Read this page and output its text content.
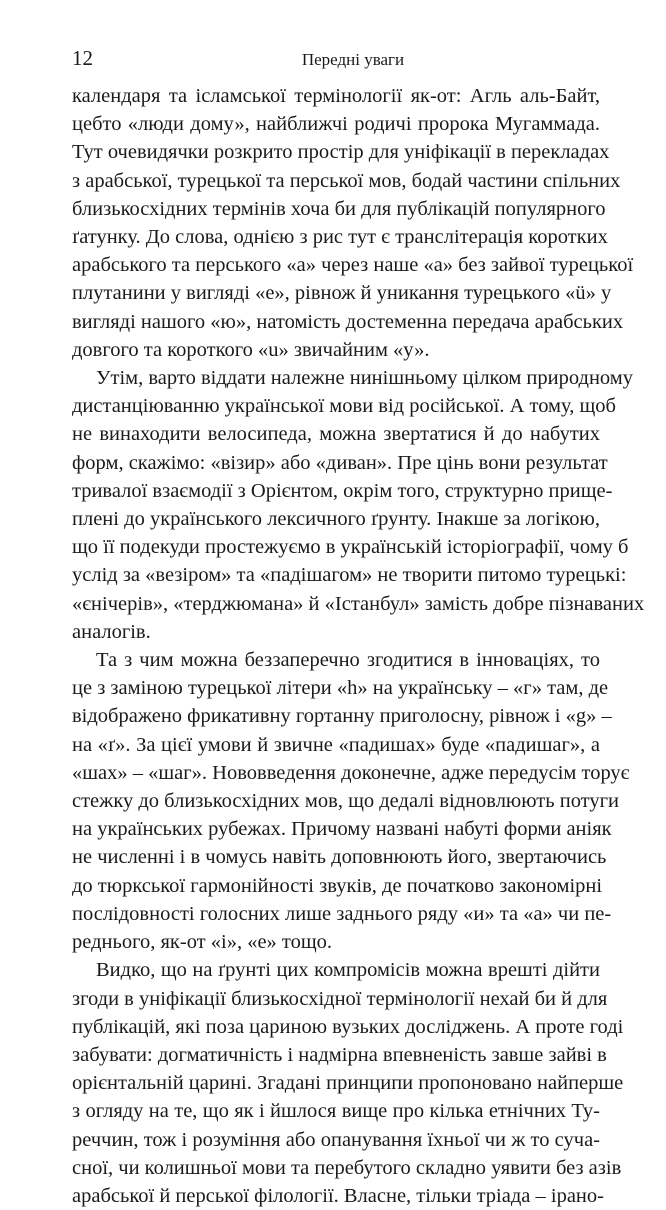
12	Передні уваги
календаря та ісламської термінології як-от: Агль аль-Байт,
цебто «люди дому», найближчі родичі пророка Мугаммада.
Тут очевидячки розкрито простір для уніфікації в перекладах
з арабської, турецької та перської мов, бодай частини спільних
близькосхідних термінів хоча би для публікацій популярного
ґатунку. До слова, однією з рис тут є транслітерація коротких
арабського та перського «a» через наше «а» без зайвої турецької
плутанини у вигляді «е», рівнож й уникання турецького «ü» у
вигляді нашого «ю», натомість достеменна передача арабських
довгого та короткого «u» звичайним «у».
Утім, варто віддати належне нинішньому цілком природному
дистанціюванню української мови від російської. А тому, щоб
не винаходити велосипеда, можна звертатися й до набутих
форм, скажімо: «візир» або «диван». Пре цінь вони результат
тривалої взаємодії з Орієнтом, окрім того, структурно прище-
плені до українського лексичного ґрунту. Інакше за логікою,
що її подекуди простежуємо в українській історіографії, чому б
услід за «везіром» та «падішагом» не творити питомо турецькі:
«єнічерів», «терджюмана» й «Істанбул» замість добре пізнаваних
аналогів.
Та з чим можна беззаперечно згодитися в інноваціях, то
це з заміною турецької літери «h» на українську – «г» там, де
відображено фрикативну гортанну приголосну, рівнож і «g» –
на «ґ». За цієї умови й звичне «падишах» буде «падишаг», а
«шах» – «шаг». Нововведення доконечне, адже передусім торує
стежку до близькосхідних мов, що дедалі відновлюють потуги
на українських рубежах. Причому названі набуті форми аніяк
не численні і в чомусь навіть доповнюють його, звертаючись
до тюркської гармонійності звуків, де початково закономірні
послідовності голосних лише заднього ряду «и» та «а» чи пе-
реднього, як-от «і», «е» тощо.
Видко, що на ґрунті цих компромісів можна врешті дійти
згоди в уніфікації близькосхідної термінології нехай би й для
публікацій, які поза цариною вузьких досліджень. А проте годі
забувати: догматичність і надмірна впевненість завше зайві в
орієнтальній царині. Згадані принципи пропоновано найперше
з огляду на те, що як і йшлося вище про кілька етнічних Ту-
реччин, тож і розуміння або опанування їхньої чи ж то суча-
сної, чи колишньої мови та перебутого складно уявити без азів
арабської й перської філології. Власне, тільки тріада – ірано-
